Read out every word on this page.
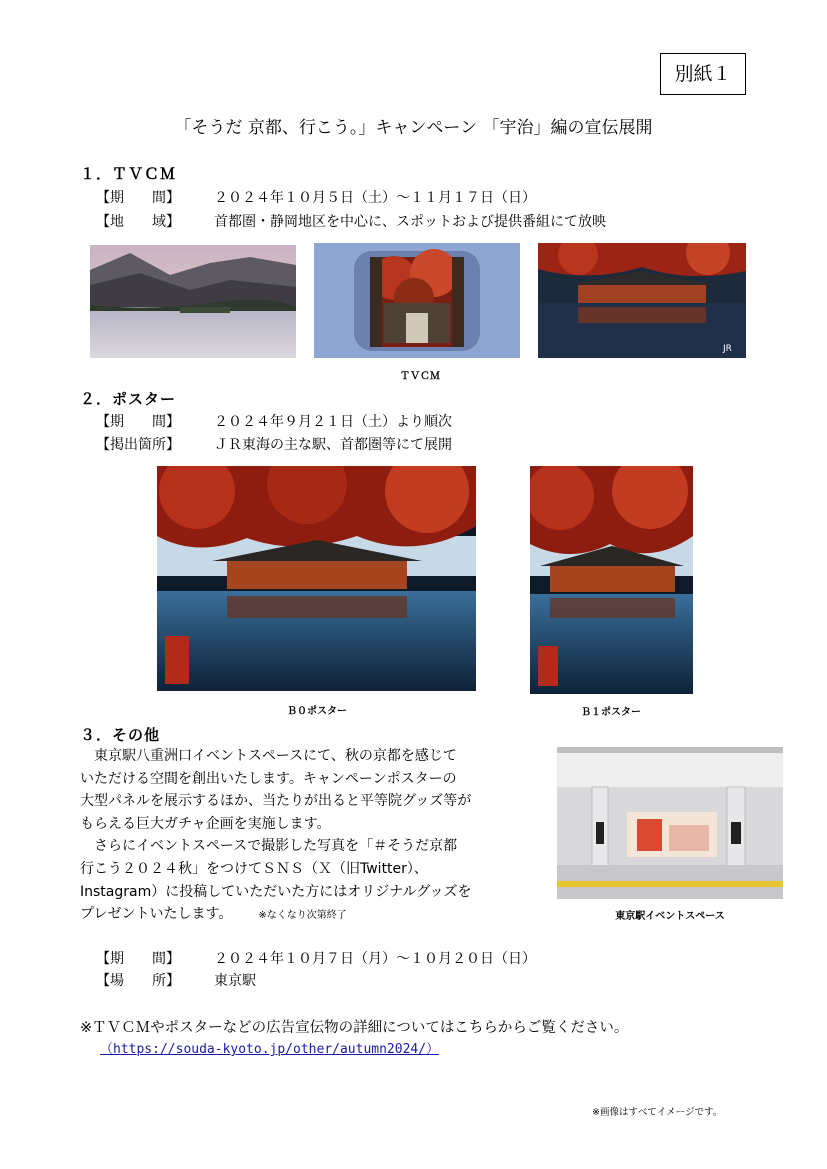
別紙１
「そうだ 京都、行こう。」キャンペーン 「宇治」編の宣伝展開
１．ＴＶＣＭ
【期　　間】 ２０２４年１０月５日（土）～１１月１７日（日）
【地　　域】 首都圏・静岡地区を中心に、スポットおよび提供番組にて放映
JR
ＴＶＣＭ
２．ポスター
【期　　間】 ２０２４年９月２１日（土）より順次
【掲出箇所】 ＪＲ東海の主な駅、首都圏等にて展開
Ｂ０ポスター	Ｂ１ポスター
３．その他
　東京駅八重洲口イベントスペースにて、秋の京都を感じて
いただける空間を創出いたします。キャンペーンポスターの
大型パネルを展示するほか、当たりが出ると平等院グッズ等が
もらえる巨大ガチャ企画を実施します。
　さらにイベントスペースで撮影した写真を「＃そうだ京都
行こう２０２４秋」をつけてＳＮＳ（Ｘ（旧Twitter）、
Instagram）に投稿していただいた方にはオリジナルグッズを
プレゼントいたします。	※なくなり次第終了	東京駅イベントスペース
【期　　間】 ２０２４年１０月７日（月）～１０月２０日（日）
【場　　所】 東京駅
※ＴＶＣＭやポスターなどの広告宣伝物の詳細についてはこちらからご覧ください。
（https://souda-kyoto.jp/other/autumn2024/）
※画像はすべてイメージです。
